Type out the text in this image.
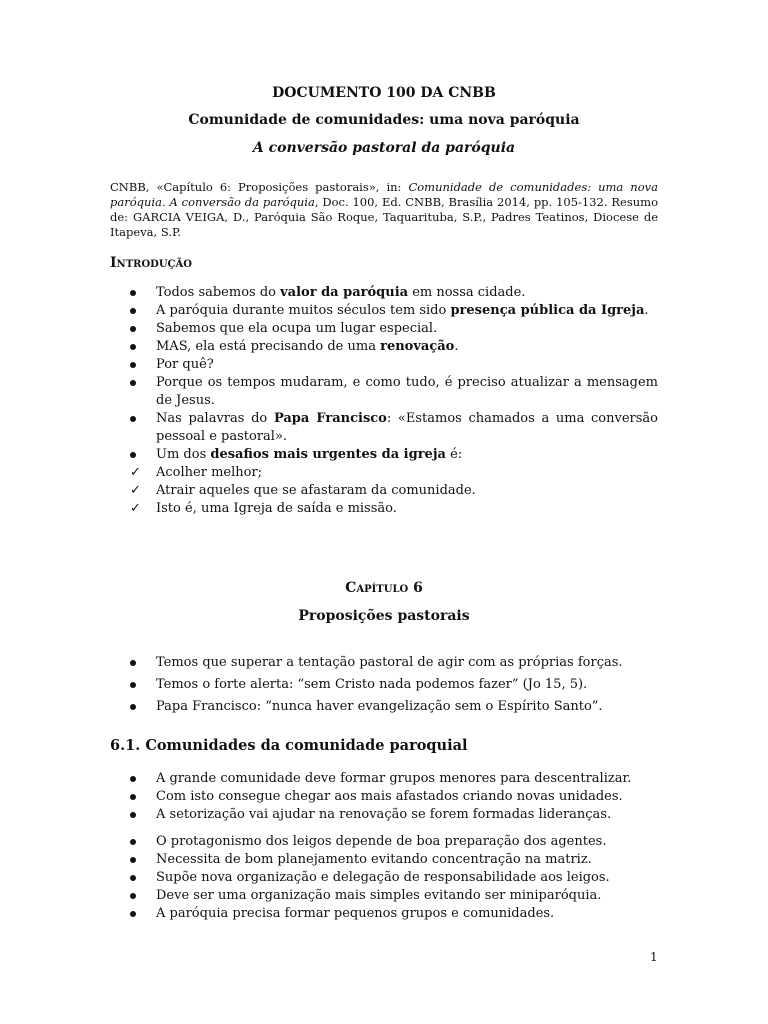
DOCUMENTO 100 DA CNBB
Comunidade de comunidades: uma nova paróquia
A conversão pastoral da paróquia
CNBB, «Capítulo 6: Proposições pastorais», in: Comunidade de comunidades: uma nova paróquia. A conversão da paróquia, Doc. 100, Ed. CNBB, Brasília 2014, pp. 105-132. Resumo de: GARCIA VEIGA, D., Paróquia São Roque, Taquarituba, S.P., Padres Teatinos, Diocese de Itapeva, S.P.
Introdução
Todos sabemos do valor da paróquia em nossa cidade.
A paróquia durante muitos séculos tem sido presença pública da Igreja.
Sabemos que ela ocupa um lugar especial.
MAS, ela está precisando de uma renovação.
Por quê?
Porque os tempos mudaram, e como tudo, é preciso atualizar a mensagem de Jesus.
Nas palavras do Papa Francisco: «Estamos chamados a uma conversão pessoal e pastoral».
Um dos desafios mais urgentes da igreja é:
✓	Acolher melhor;
✓	Atrair aqueles que se afastaram da comunidade.
✓	Isto é, uma Igreja de saída e missão.
Capítulo 6
Proposições pastorais
Temos que superar a tentação pastoral de agir com as próprias forças.
Temos o forte alerta: “sem Cristo nada podemos fazer” (Jo 15, 5).
Papa Francisco: “nunca haver evangelização sem o Espírito Santo”.
6.1. Comunidades da comunidade paroquial
A grande comunidade deve formar grupos menores para descentralizar.
Com isto consegue chegar aos mais afastados criando novas unidades.
A setorização vai ajudar na renovação se forem formadas lideranças.
O protagonismo dos leigos depende de boa preparação dos agentes.
Necessita de bom planejamento evitando concentração na matriz.
Supõe nova organização e delegação de responsabilidade aos leigos.
Deve ser uma organização mais simples evitando ser miniparóquia.
A paróquia precisa formar pequenos grupos e comunidades.
1
